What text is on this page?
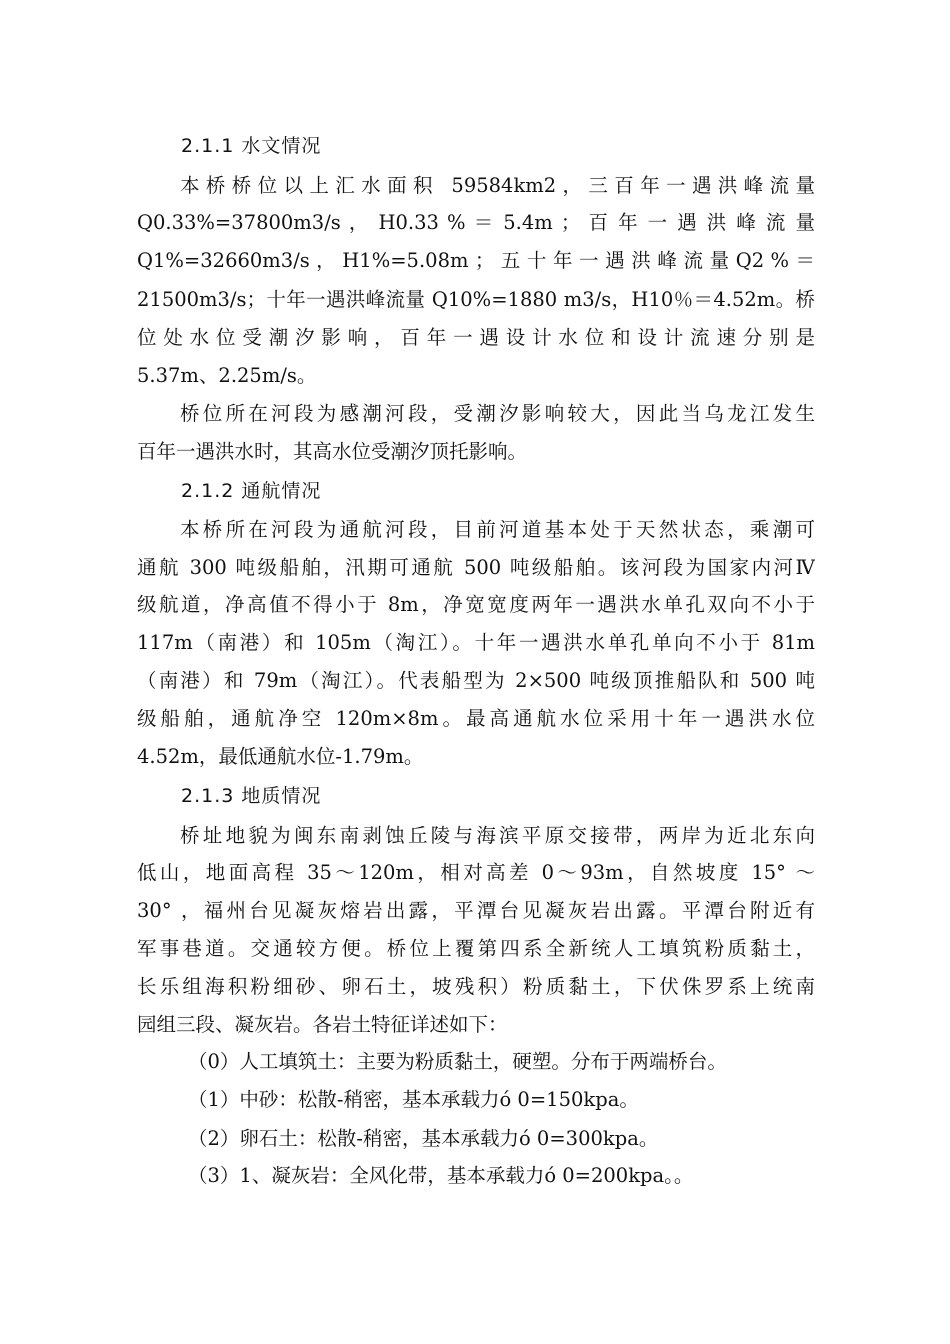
2.1.1 水文情况
本桥桥位以上汇水面积 59584km2，三百年一遇洪峰流量
Q0.33%=37800m3/s ， H0.33 % ＝ 5.4m ； 百 年 一 遇 洪 峰 流 量
Q1%=32660m3/s ， H1%=5.08m ； 五 十 年 一 遇 洪 峰 流 量 Q2 % ＝
21500m3/s；十年一遇洪峰流量 Q10%=1880 m3/s，H10％＝4.52m。桥
位处水位受潮汐影响，百年一遇设计水位和设计流速分别是
5.37m、2.25m/s。
桥位所在河段为感潮河段，受潮汐影响较大，因此当乌龙江发生
百年一遇洪水时，其高水位受潮汐顶托影响。
2.1.2 通航情况
本桥所在河段为通航河段，目前河道基本处于天然状态，乘潮可
通航 300 吨级船舶，汛期可通航 500 吨级船舶。该河段为国家内河Ⅳ
级航道，净高值不得小于 8m，净宽宽度两年一遇洪水单孔双向不小于
117m（南港）和 105m（淘江）。十年一遇洪水单孔单向不小于 81m
（南港）和 79m（淘江）。代表船型为 2×500 吨级顶推船队和 500 吨
级船舶，通航净空 120m×8m。最高通航水位采用十年一遇洪水位
4.52m，最低通航水位-1.79m。
2.1.3 地质情况
桥址地貌为闽东南剥蚀丘陵与海滨平原交接带，两岸为近北东向
低山，地面高程 35～120m，相对高差 0～93m，自然坡度 15° ～
30° ，福州台见凝灰熔岩出露，平潭台见凝灰岩出露。平潭台附近有
军事巷道。交通较方便。桥位上覆第四系全新统人工填筑粉质黏土，
长乐组海积粉细砂、卵石土，坡残积）粉质黏土，下伏侏罗系上统南
园组三段、凝灰岩。各岩土特征详述如下：
（0）人工填筑土：主要为粉质黏土，硬塑。分布于两端桥台。
（1）中砂：松散-稍密，基本承载力ó 0=150kpa。
（2）卵石土：松散-稍密，基本承载力ó 0=300kpa。
（3）1、凝灰岩：全风化带，基本承载力ó 0=200kpa。。
